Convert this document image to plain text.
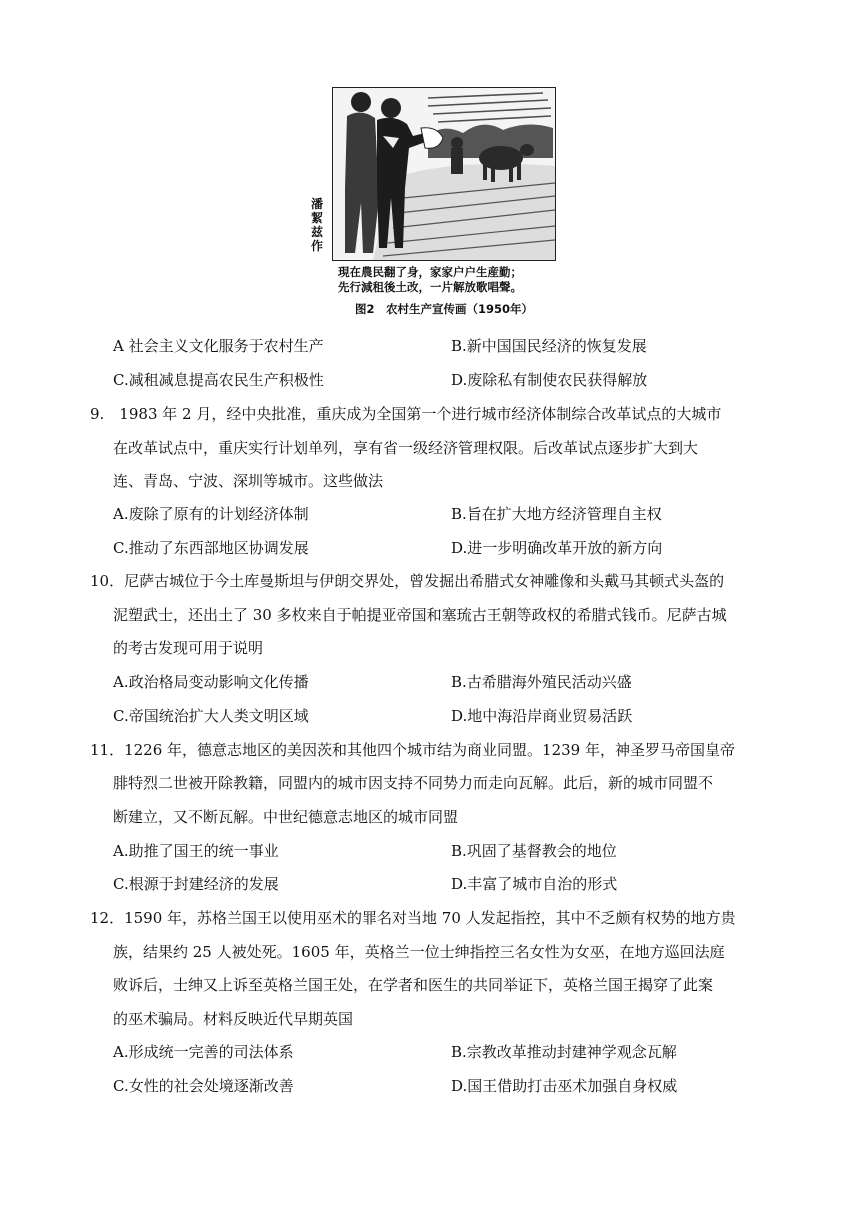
潘絜兹作
現在農民翻了身，家家户户生産勤；
先行減租後土改，一片解放歌唱聲。
图2　农村生产宣传画（1950年）
A 社会主义文化服务于农村生产	B.新中国国民经济的恢复发展
C.减租减息提高农民生产积极性	D.废除私有制使农民获得解放
9.　1983 年 2 月，经中央批准，重庆成为全国第一个进行城市经济体制综合改革试点的大城市
在改革试点中，重庆实行计划单列，享有省一级经济管理权限。后改革试点逐步扩大到大
连、青岛、宁波、深圳等城市。这些做法
A.废除了原有的计划经济体制	B.旨在扩大地方经济管理自主权
C.推动了东西部地区协调发展	D.进一步明确改革开放的新方向
10．尼萨古城位于今土库曼斯坦与伊朗交界处，曾发掘出希腊式女神雕像和头戴马其顿式头盔的
泥塑武士，还出土了 30 多枚来自于帕提亚帝国和塞琉古王朝等政权的希腊式钱币。尼萨古城
的考古发现可用于说明
A.政治格局变动影响文化传播	B.古希腊海外殖民活动兴盛
C.帝国统治扩大人类文明区域	D.地中海沿岸商业贸易活跃
11．1226 年，德意志地区的美因茨和其他四个城市结为商业同盟。1239 年，神圣罗马帝国皇帝
腓特烈二世被开除教籍，同盟内的城市因支持不同势力而走向瓦解。此后，新的城市同盟不
断建立，又不断瓦解。中世纪德意志地区的城市同盟
A.助推了国王的统一事业	B.巩固了基督教会的地位
C.根源于封建经济的发展	D.丰富了城市自治的形式
12．1590 年，苏格兰国王以使用巫术的罪名对当地 70 人发起指控，其中不乏颇有权势的地方贵
族，结果约 25 人被处死。1605 年，英格兰一位士绅指控三名女性为女巫，在地方巡回法庭
败诉后，士绅又上诉至英格兰国王处，在学者和医生的共同举证下，英格兰国王揭穿了此案
的巫术骗局。材料反映近代早期英国
A.形成统一完善的司法体系	B.宗教改革推动封建神学观念瓦解
C.女性的社会处境逐渐改善	D.国王借助打击巫术加强自身权威
